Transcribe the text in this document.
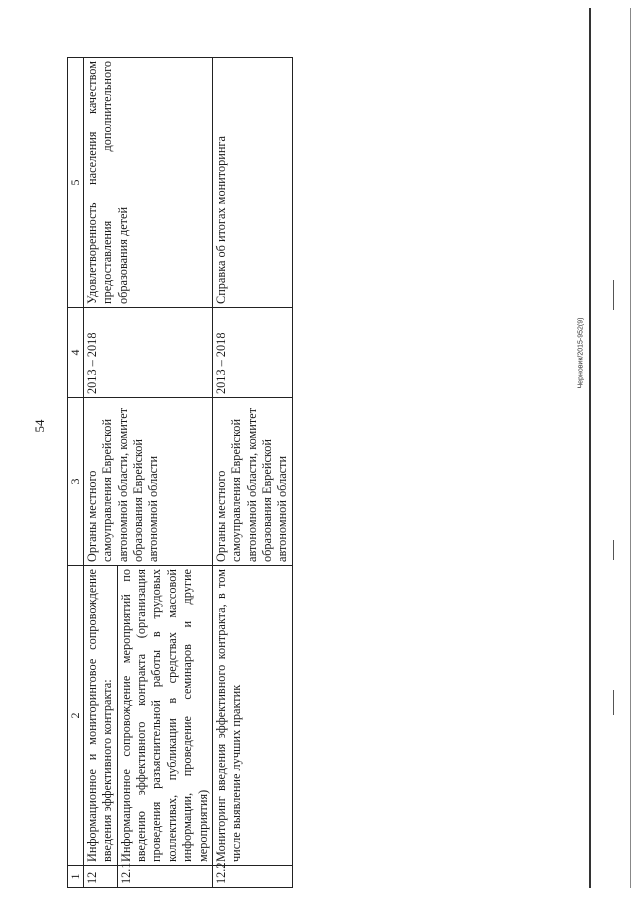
54
1	2	3	4	5
12	Информационное и мониторинговое сопровождение введения эффективного контракта:	Органы местного самоуправления Еврейской автономной области, комитет образования Еврейской автономной области	2013 – 2018	Удовлетворенность населения качеством предоставления дополнительного образования детей
12.1	Информационное сопровождение мероприятий по введению эффективного контракта (организация проведения разъяснительной работы в трудовых коллективах, публикации в средствах массовой информации, проведение семинаров и другие мероприятия)			
12.2	Мониторинг введения эффективного контракта, в том числе выявление лучших практик	Органы местного самоуправления Еврейской автономной области, комитет образования Еврейской автономной области	2013 – 2018	Справка об итогах мониторинга
Черновик/2015-952(9)
